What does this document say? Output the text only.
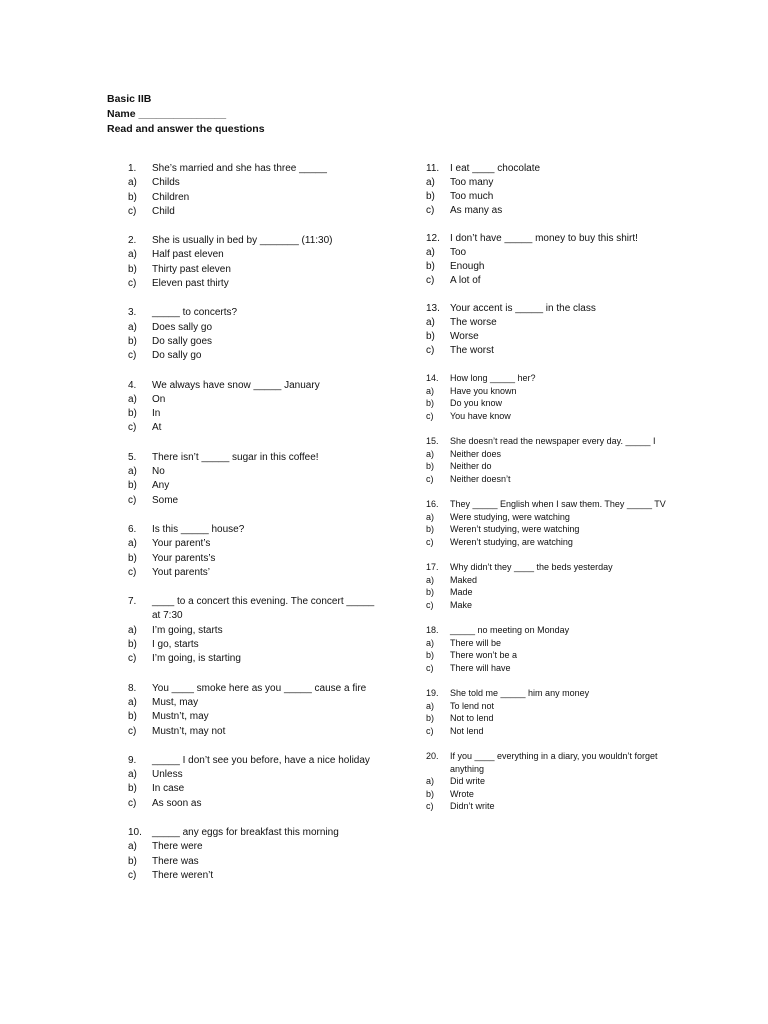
Basic IIB
Name _______________
Read and answer the questions
1.	She’s married and she has three _____
a)	Childs
b)	Children
c)	Child
2.	She is usually in bed by _______ (11:30)
a)	Half past eleven
b)	Thirty past eleven
c)	Eleven past thirty
3.	_____ to concerts?
a)	Does sally go
b)	Do sally goes
c)	Do sally go
4.	We always have snow _____ January
a)	On
b)	In
c)	At
5.	There isn’t _____ sugar in this coffee!
a)	No
b)	Any
c)	Some
6.	Is this _____ house?
a)	Your parent’s
b)	Your parents’s
c)	Yout parents’
7.	____ to a concert this evening. The concert _____ at 7:30
a)	I’m going, starts
b)	I go, starts
c)	I’m going, is starting
8.	You ____ smoke here as you _____ cause a fire
a)	Must, may
b)	Mustn’t, may
c)	Mustn’t, may not
9.	_____ I don’t see you before, have a nice holiday
a)	Unless
b)	In case
c)	As soon as
10.	_____ any eggs for breakfast this morning
a)	There were
b)	There was
c)	There weren’t
11.	I eat ____ chocolate
a)	Too many
b)	Too much
c)	As many as
12.	I don’t have _____ money to buy this shirt!
a)	Too
b)	Enough
c)	A lot of
13.	Your accent is _____ in the class
a)	The worse
b)	Worse
c)	The worst
14.	How long _____ her?
a)	Have you known
b)	Do you know
c)	You have know
15.	She doesn’t read the newspaper every day. _____ I
a)	Neither does
b)	Neither do
c)	Neither doesn’t
16.	They _____ English when I saw them. They _____ TV
a)	Were studying, were watching
b)	Weren’t studying, were watching
c)	Weren’t studying, are watching
17.	Why didn’t they ____ the beds yesterday
a)	Maked
b)	Made
c)	Make
18.	_____ no meeting on Monday
a)	There will be
b)	There won’t be a
c)	There will have
19.	She told me _____ him any money
a)	To lend not
b)	Not to lend
c)	Not lend
20.	If you ____ everything in a diary, you wouldn’t forget anything
a)	Did write
b)	Wrote
c)	Didn’t write
